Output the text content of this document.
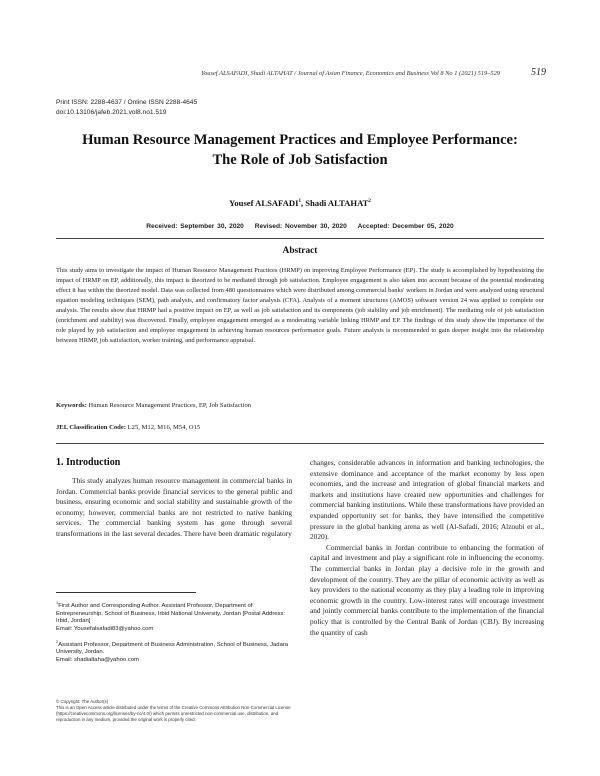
Yousef ALSAFADI, Shadi ALTAHAT / Journal of Asian Finance, Economics and Business Vol 8 No 1 (2021) 519–529	519
Print ISSN: 2288-4637 / Online ISSN 2288-4645
doi:10.13106/jafeb.2021.vol8.no1.519
Human Resource Management Practices and Employee Performance:
The Role of Job Satisfaction
Yousef ALSAFADI$^1$, Shadi ALTAHAT$^2$
Received: September 30, 2020 Revised: November 30, 2020 Accepted: December 05, 2020
Abstract
This study aims to investigate the impact of Human Resource Management Practices (HRMP) on improving Employee Performance (EP). The study is accomplished by hypothesizing the impact of HRMP on EP, additionally, this impact is theorized to be mediated through job satisfaction. Employee engagement is also taken into account because of the potential moderating effect it has within the theorized model. Data was collected from 480 questionnaires which were distributed among commercial banks' workers in Jordan and were analyzed using structural equation modeling techniques (SEM), path analysis, and confirmatory factor analysis (CFA). Analysis of a moment structures (AMOS) software version 24 was applied to complete our analysis. The results show that HRMP had a positive impact on EP, as well as job satisfaction and its components (job stability and job enrichment). The mediating role of job satisfaction (enrichment and stability) was discovered. Finally, employee engagement emerged as a moderating variable linking HRMP and EP. The findings of this study show the importance of the role played by job satisfaction and employee engagement in achieving human resources performance goals. Future analysis is recommended to gain deeper insight into the relationship between HRMP, job satisfaction, worker training, and performance appraisal.
Keywords: Human Resource Management Practices, EP, Job Satisfaction
JEL Classification Code: L25, M12, M16, M54, O15
1. Introduction

This study analyzes human resource management in commercial banks in Jordan. Commercial banks provide financial services to the general public and business, ensuring economic and social stability and sustainable growth of the economy; however, commercial banks are not restricted to native banking services. The commercial banking system has gone through several transformations in the last several decades. There have been dramatic regulatory

changes, considerable advances in information and banking technologies, the extensive dominance and acceptance of the market economy by less open economies, and the increase and integration of global financial markets and markets and institutions have created new opportunities and challenges for commercial banking institutions. While these transformations have provided an expanded opportunity set for banks, they have intensified the competitive pressure in the global banking arena as well (Al-Safadi, 2016; Alzoubi et al., 2020).

Commercial banks in Jordan contribute to enhancing the formation of capital and investment and play a significant role in influencing the economy. The commercial banks in Jordan play a decisive role in the growth and development of the country. They are the pillar of economic activity as well as key providers to the national economy as they play a leading role in improving economic growth in the country. Low-interest rates will encourage investment and jointly commercial banks contribute to the implementation of the financial policy that is controlled by the Central Bank of Jordan (CBJ). By increasing the quantity of cash

$^1$First Author and Corresponding Author. Assistant Professor, Department of Entrepreneurship, School of Business, Irbid National University, Jordan [Postal Address: Irbid, Jordan]

Email: Yousefalsafadi83@yahoo.com

$^2$Assistant Professor, Department of Business Administration, School of Business, Jadara University, Jordan.

Email: shadialtaha@yahoo.com

© Copyright: The Author(s)

This is an Open Access article distributed under the terms of the Creative Commons Attribution Non-Commercial License (https://creativecommons.org/licenses/by-nc/4.0/) which permits unrestricted non-commercial use, distribution, and reproduction in any medium, provided the original work is properly cited.
